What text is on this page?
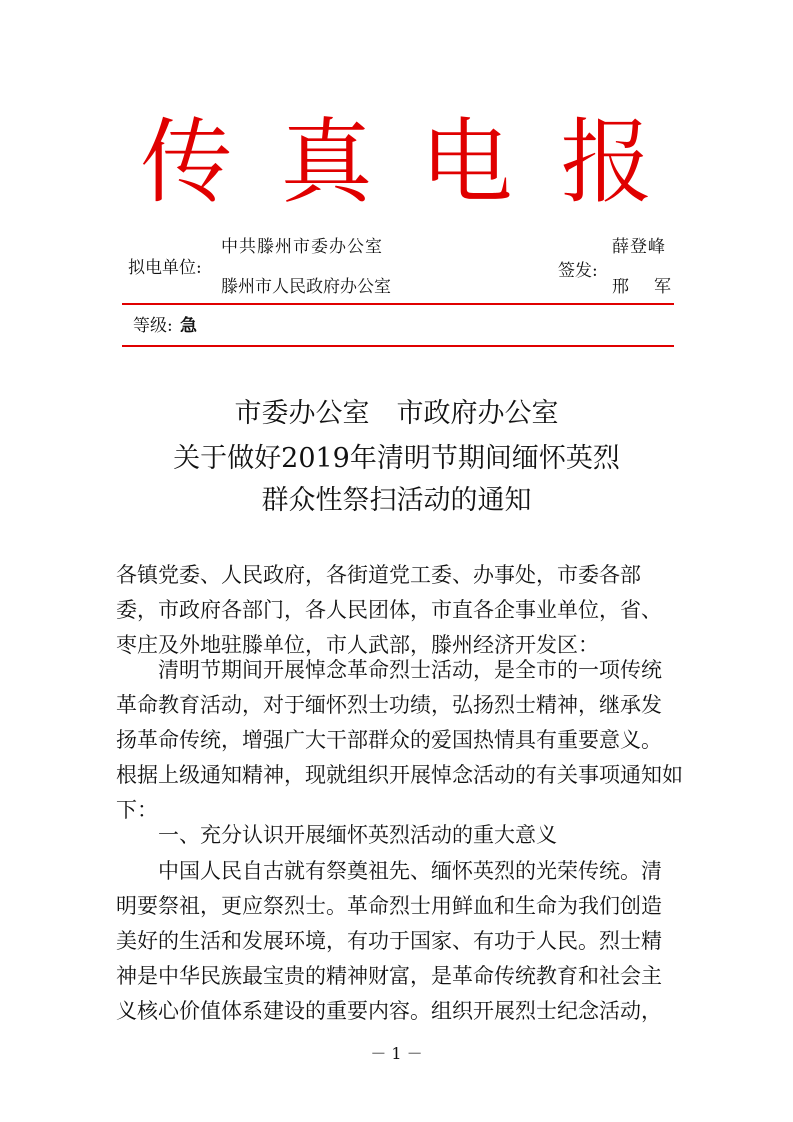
传真电报
拟电单位:
中共滕州市委办公室
滕州市人民政府办公室
签发:
薛登峰
邢　军
等级: 急
市委办公室　市政府办公室
关于做好2019年清明节期间缅怀英烈
群众性祭扫活动的通知
各镇党委、人民政府，各街道党工委、办事处，市委各部
委，市政府各部门，各人民团体，市直各企事业单位，省、
枣庄及外地驻滕单位，市人武部，滕州经济开发区：
清明节期间开展悼念革命烈士活动，是全市的一项传统
革命教育活动，对于缅怀烈士功绩，弘扬烈士精神，继承发
扬革命传统，增强广大干部群众的爱国热情具有重要意义。
根据上级通知精神，现就组织开展悼念活动的有关事项通知如
下：
一、充分认识开展缅怀英烈活动的重大意义
中国人民自古就有祭奠祖先、缅怀英烈的光荣传统。清
明要祭祖，更应祭烈士。革命烈士用鲜血和生命为我们创造
美好的生活和发展环境，有功于国家、有功于人民。烈士精
神是中华民族最宝贵的精神财富，是革命传统教育和社会主
义核心价值体系建设的重要内容。组织开展烈士纪念活动，
－ 1 －
